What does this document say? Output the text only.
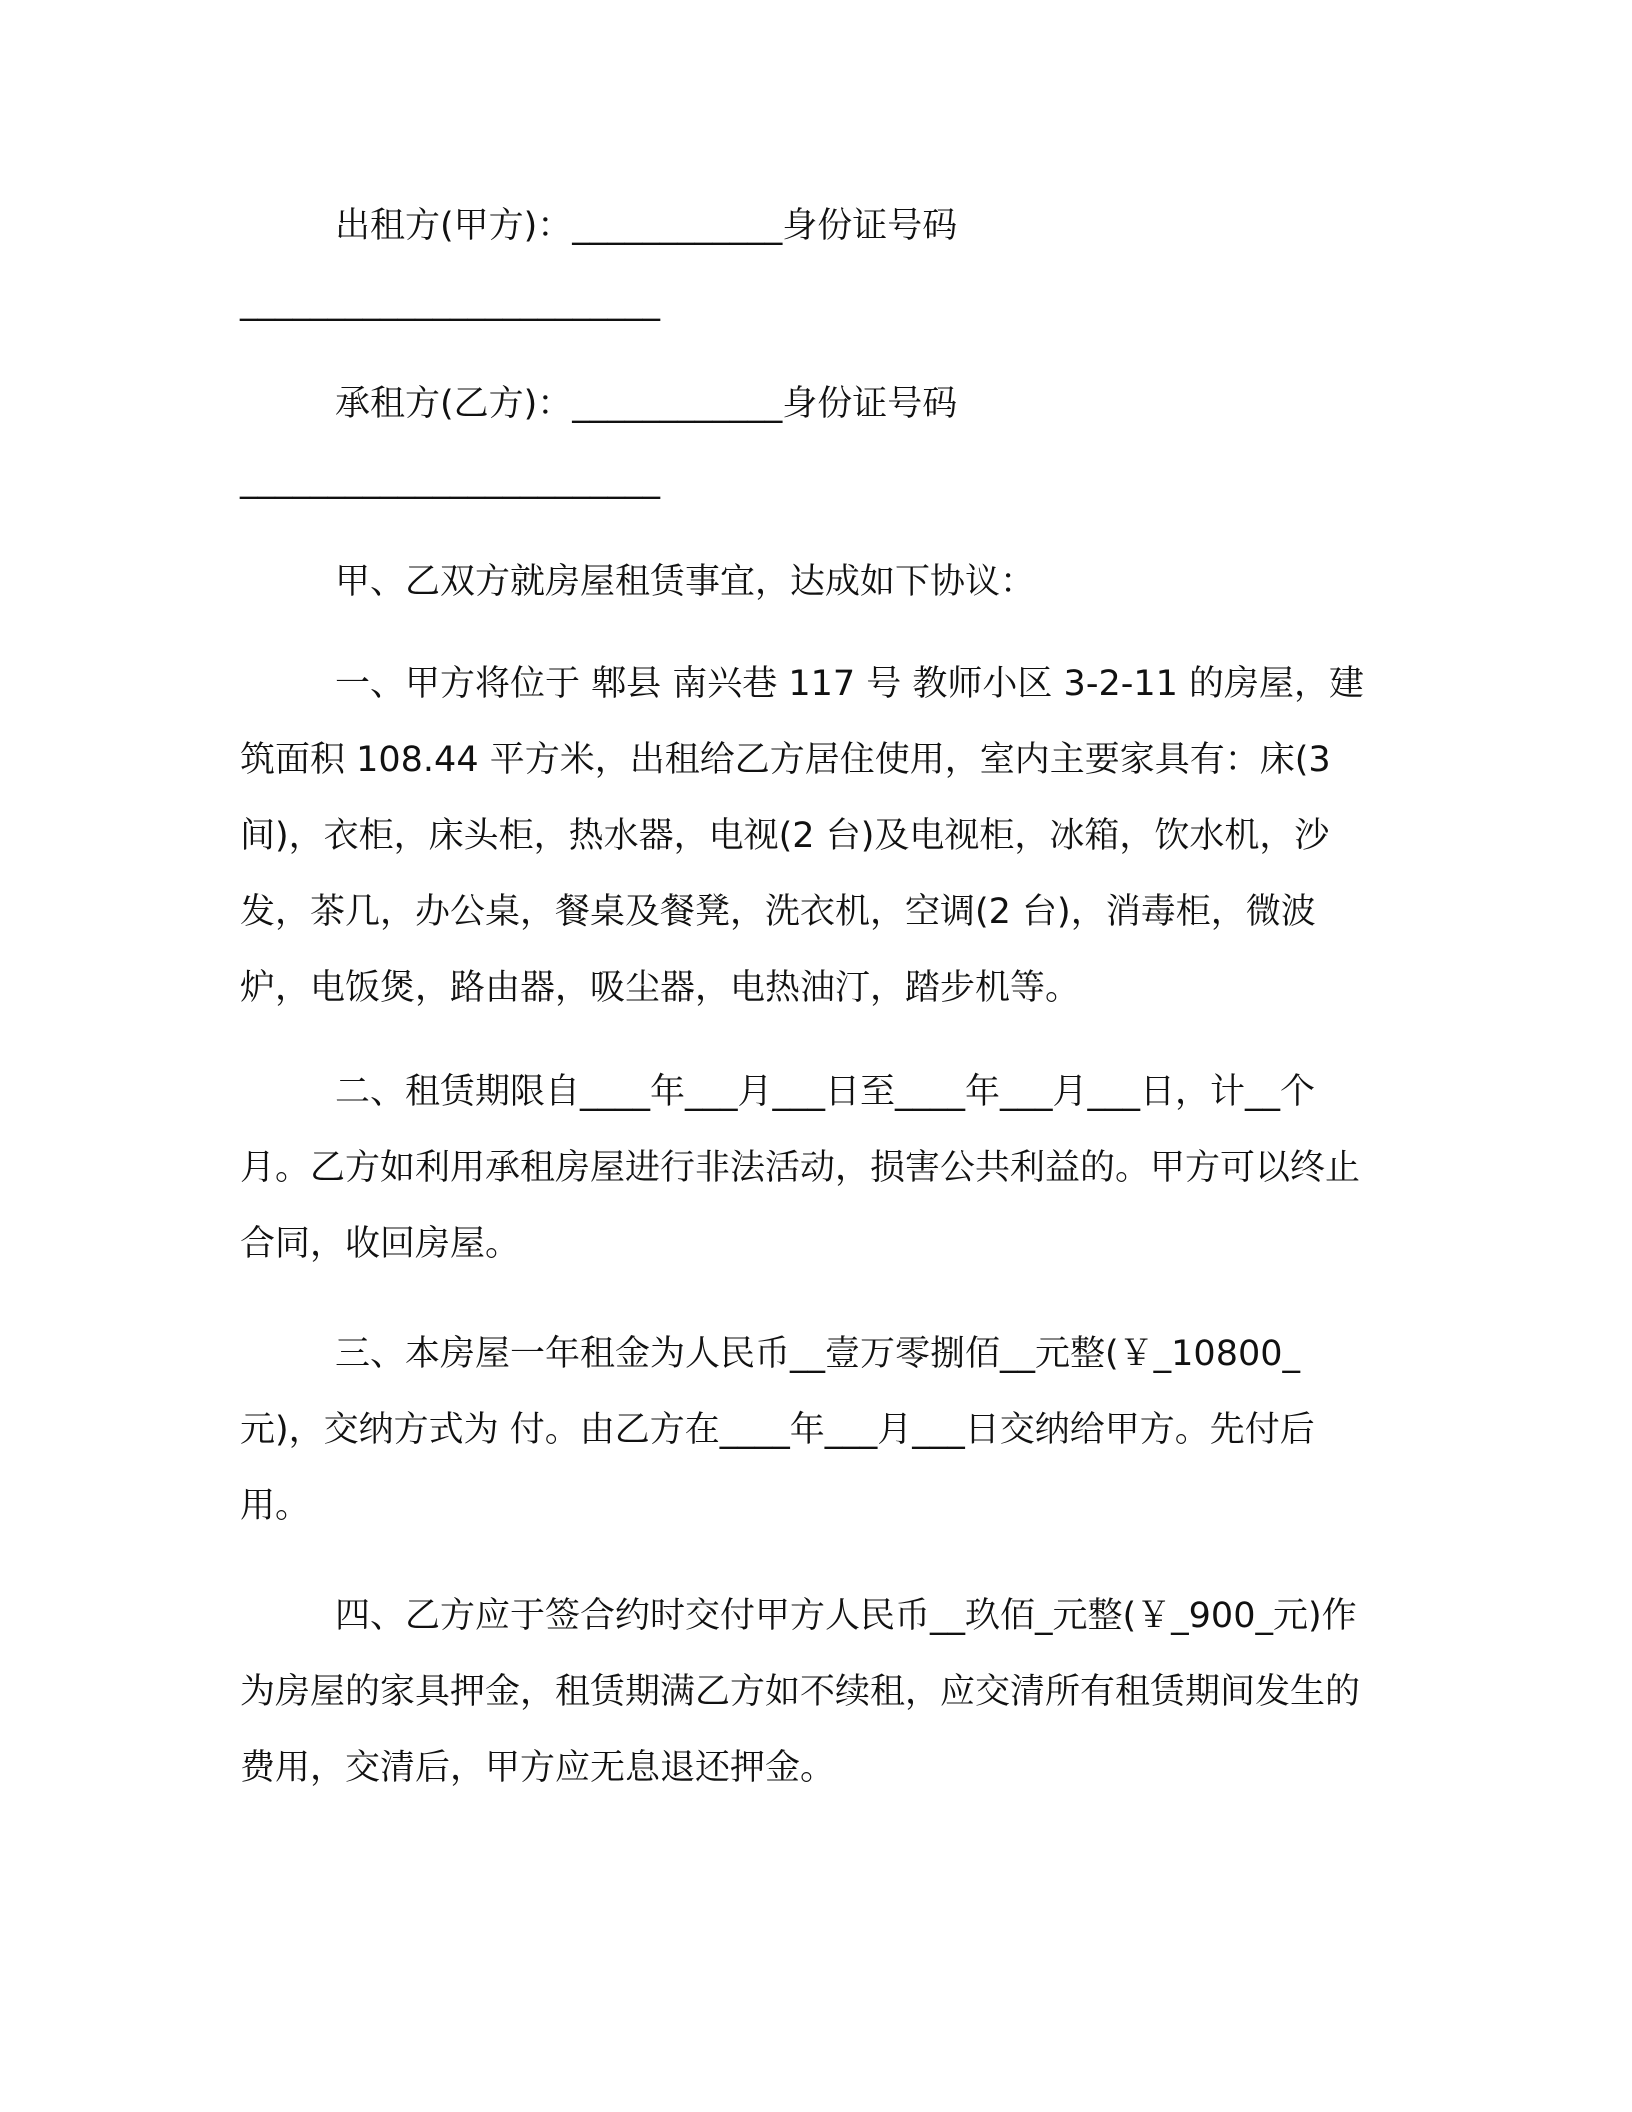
出租方(甲方)：____________身份证号码

________________________

承租方(乙方)：____________身份证号码

________________________

甲、乙双方就房屋租赁事宜，达成如下协议：

一、甲方将位于 郫县 南兴巷 117 号 教师小区 3-2-11 的房屋，建筑面积 108.44 平方米，出租给乙方居住使用，室内主要家具有：床(3 间)，衣柜，床头柜，热水器，电视(2 台)及电视柜，冰箱，饮水机，沙发，茶几，办公桌，餐桌及餐凳，洗衣机，空调(2 台)，消毒柜，微波炉，电饭煲，路由器，吸尘器，电热油汀，踏步机等。

二、租赁期限自____年___月___日至____年___月___日，计__个月。乙方如利用承租房屋进行非法活动，损害公共利益的。甲方可以终止合同，收回房屋。

三、本房屋一年租金为人民币__壹万零捌佰__元整(￥_10800_元)，交纳方式为 付。由乙方在____年___月___日交纳给甲方。先付后用。

四、乙方应于签合约时交付甲方人民币__玖佰_元整(￥_900_元)作为房屋的家具押金，租赁期满乙方如不续租，应交清所有租赁期间发生的费用，交清后，甲方应无息退还押金。
